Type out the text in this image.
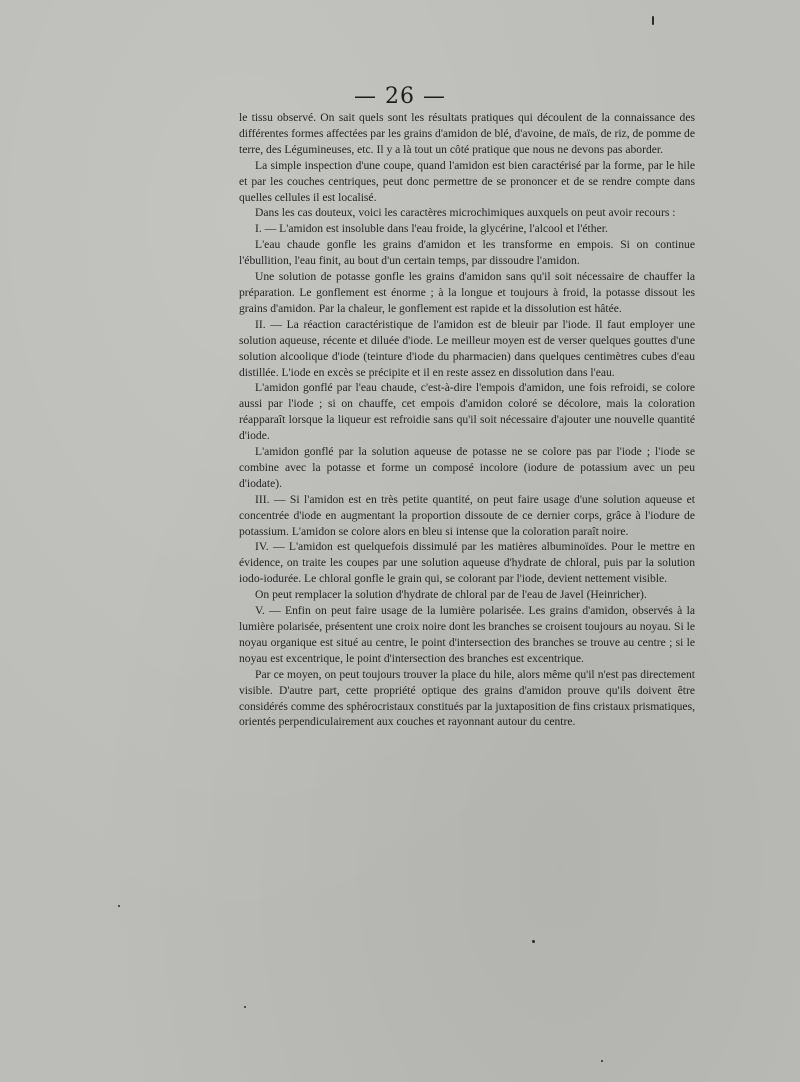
— 26 —

le tissu observé. On sait quels sont les résultats pratiques qui découlent de la connaissance des différentes formes affectées par les grains d'amidon de blé, d'avoine, de maïs, de riz, de pomme de terre, des Légumineuses, etc. Il y a là tout un côté pratique que nous ne devons pas aborder.

La simple inspection d'une coupe, quand l'amidon est bien caractérisé par la forme, par le hile et par les couches centriques, peut donc permettre de se prononcer et de se rendre compte dans quelles cellules il est localisé.

Dans les cas douteux, voici les caractères microchimiques auxquels on peut avoir recours :

I. — L'amidon est insoluble dans l'eau froide, la glycérine, l'alcool et l'éther.

L'eau chaude gonfle les grains d'amidon et les transforme en empois. Si on continue l'ébullition, l'eau finit, au bout d'un certain temps, par dissoudre l'amidon.

Une solution de potasse gonfle les grains d'amidon sans qu'il soit nécessaire de chauffer la préparation. Le gonflement est énorme ; à la longue et toujours à froid, la potasse dissout les grains d'amidon. Par la chaleur, le gonflement est rapide et la dissolution est hâtée.

II. — La réaction caractéristique de l'amidon est de bleuir par l'iode. Il faut employer une solution aqueuse, récente et diluée d'iode. Le meilleur moyen est de verser quelques gouttes d'une solution alcoolique d'iode (teinture d'iode du pharmacien) dans quelques centimètres cubes d'eau distillée. L'iode en excès se précipite et il en reste assez en dissolution dans l'eau.

L'amidon gonflé par l'eau chaude, c'est-à-dire l'empois d'amidon, une fois refroidi, se colore aussi par l'iode ; si on chauffe, cet empois d'amidon coloré se décolore, mais la coloration réapparaît lorsque la liqueur est refroidie sans qu'il soit nécessaire d'ajouter une nouvelle quantité d'iode.

L'amidon gonflé par la solution aqueuse de potasse ne se colore pas par l'iode ; l'iode se combine avec la potasse et forme un composé incolore (iodure de potassium avec un peu d'iodate).

III. — Si l'amidon est en très petite quantité, on peut faire usage d'une solution aqueuse et concentrée d'iode en augmentant la proportion dissoute de ce dernier corps, grâce à l'iodure de potassium. L'amidon se colore alors en bleu si intense que la coloration paraît noire.

IV. — L'amidon est quelquefois dissimulé par les matières albuminoïdes. Pour le mettre en évidence, on traite les coupes par une solution aqueuse d'hydrate de chloral, puis par la solution iodo-iodurée. Le chloral gonfle le grain qui, se colorant par l'iode, devient nettement visible.

On peut remplacer la solution d'hydrate de chloral par de l'eau de Javel (Heinricher).

V. — Enfin on peut faire usage de la lumière polarisée. Les grains d'amidon, observés à la lumière polarisée, présentent une croix noire dont les branches se croisent toujours au noyau. Si le noyau organique est situé au centre, le point d'intersection des branches se trouve au centre ; si le noyau est excentrique, le point d'intersection des branches est excentrique.

Par ce moyen, on peut toujours trouver la place du hile, alors même qu'il n'est pas directement visible. D'autre part, cette propriété optique des grains d'amidon prouve qu'ils doivent être considérés comme des sphérocristaux constitués par la juxtaposition de fins cristaux prismatiques, orientés perpendiculairement aux couches et rayonnant autour du centre.
